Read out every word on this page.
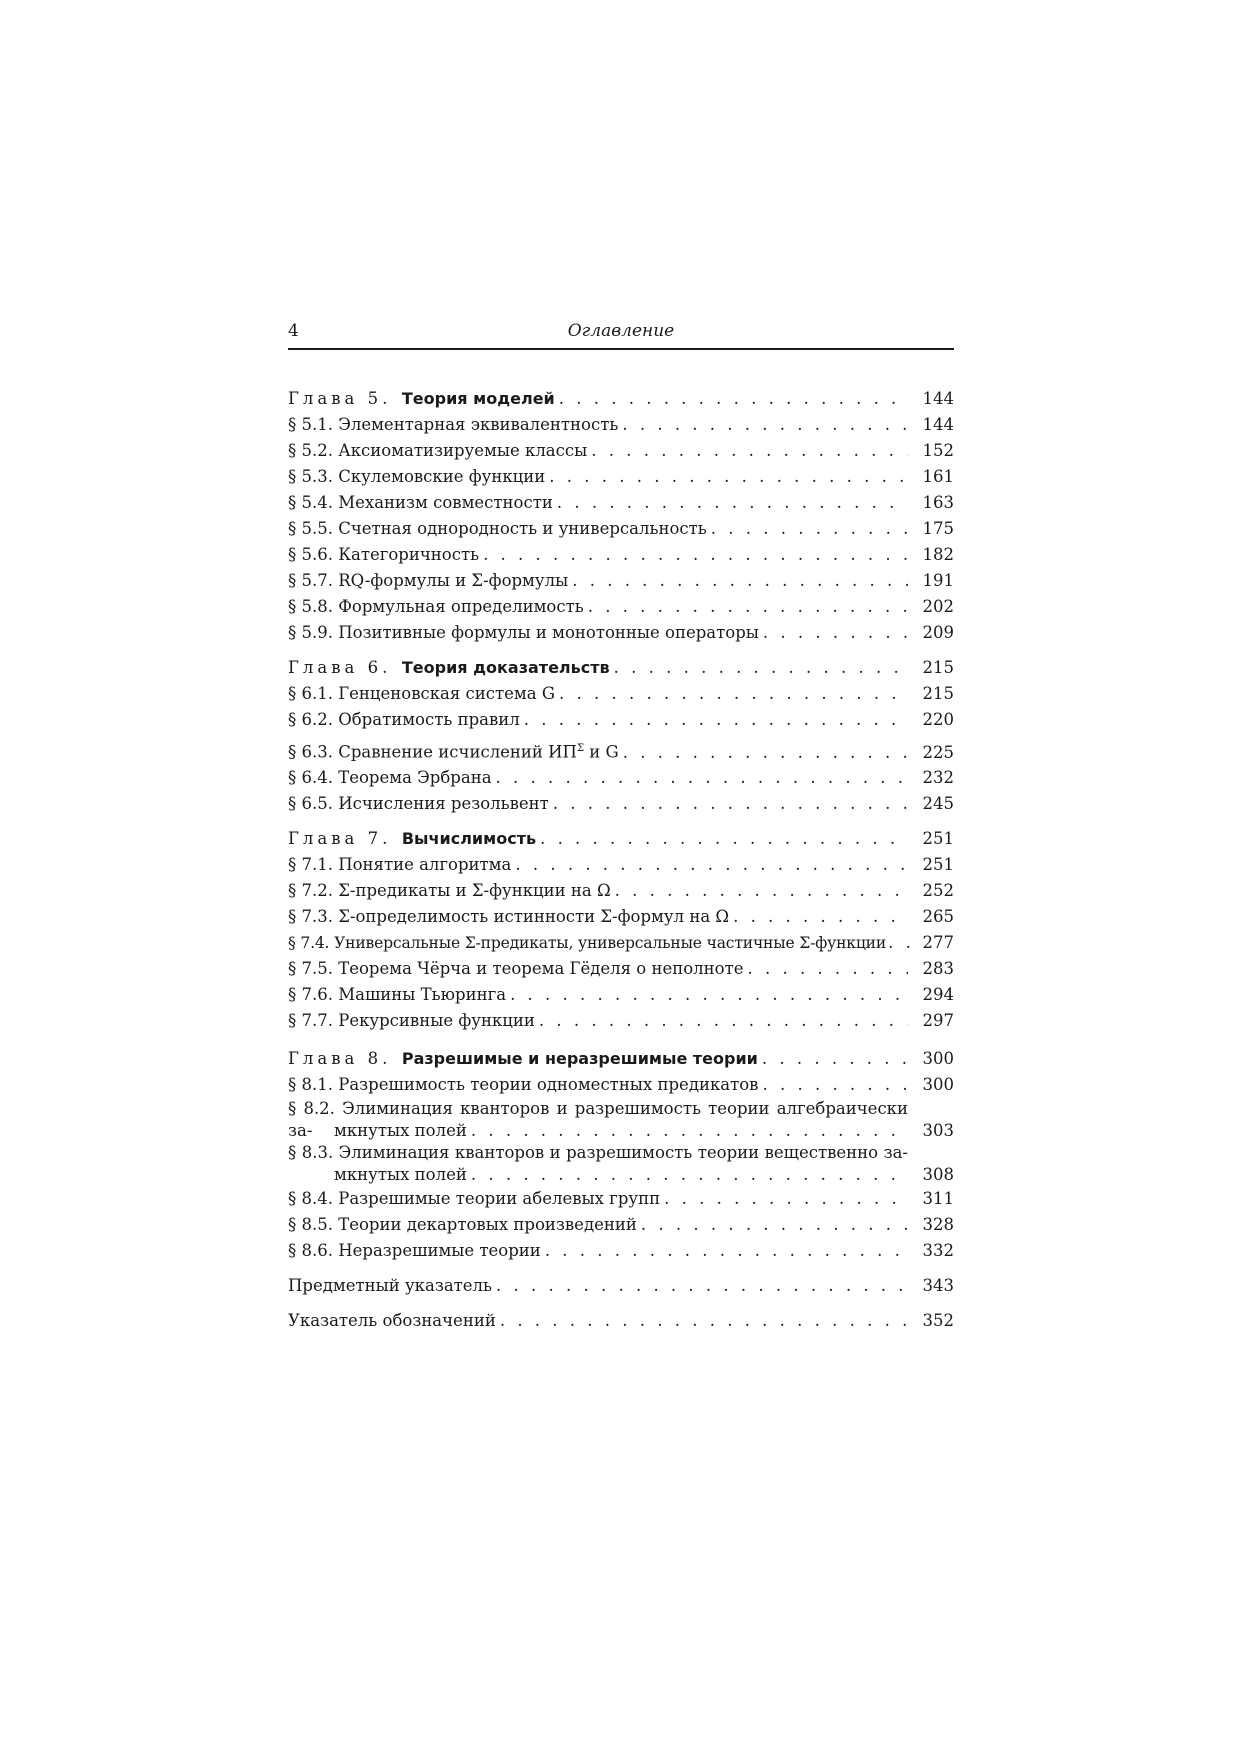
4	Оглавление
Глава 5. Теория моделей . . .	144
§ 5.1. Элементарная эквивалентность . . .	144
§ 5.2. Аксиоматизируемые классы . . .	152
§ 5.3. Скулемовские функции . . .	161
§ 5.4. Механизм совместности . . .	163
§ 5.5. Счетная однородность и универсальность . . .	175
§ 5.6. Категоричность . . .	182
§ 5.7. RQ-формулы и Σ-формулы . . .	191
§ 5.8. Формульная определимость . . .	202
§ 5.9. Позитивные формулы и монотонные операторы . . .	209
Глава 6. Теория доказательств . . .	215
§ 6.1. Генценовская система G . . .	215
§ 6.2. Обратимость правил . . .	220
§ 6.3. Сравнение исчислений $ИП^\Sigma$ и G . . .	225
§ 6.4. Теорема Эрбрана . . .	232
§ 6.5. Исчисления резольвент . . .	245
Глава 7. Вычислимость . . .	251
§ 7.1. Понятие алгоритма . . .	251
§ 7.2. Σ-предикаты и Σ-функции на Ω . . .	252
§ 7.3. Σ-определимость истинности Σ-формул на Ω . . .	265
§ 7.4. Универсальные Σ-предикаты, универсальные частичные Σ-функции . . . 277
§ 7.5. Теорема Чёрча и теорема Гёделя о неполноте . . .	283
§ 7.6. Машины Тьюринга . . .	294
§ 7.7. Рекурсивные функции . . .	297
Глава 8. Разрешимые и неразрешимые теории . . .	300
§ 8.1. Разрешимость теории одноместных предикатов . . .	300
§ 8.2. Элиминация кванторов и разрешимость теории алгебраически за-	мкнутых полей . . .	303
§ 8.3. Элиминация кванторов и разрешимость теории вещественно за-
мкнутых полей . . .	308
§ 8.4. Разрешимые теории абелевых групп . . .	311
§ 8.5. Теории декартовых произведений . . .	328
§ 8.6. Неразрешимые теории . . .	332
Предметный указатель . . .	343
Указатель обозначений . . .	352
